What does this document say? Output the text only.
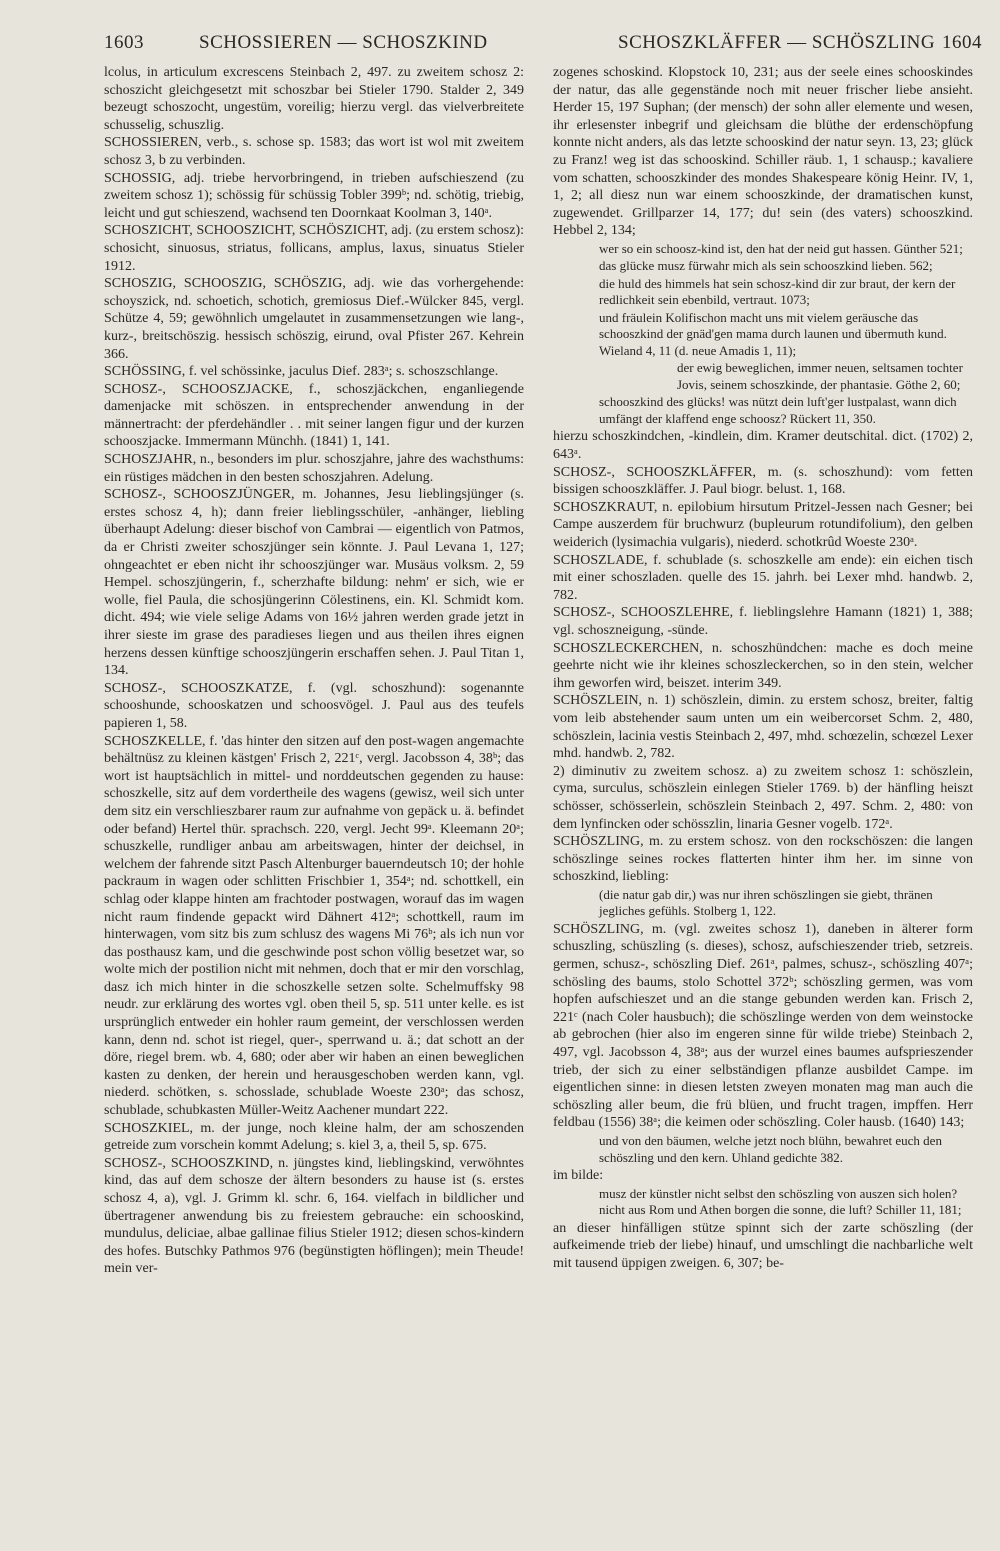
1603	SCHOSSIEREN — SCHOSZKIND	SCHOSZKLÄFFER — SCHÖSZLING 1604

lcolus, in articulum excrescens Steinbach 2, 497. zu zweitem schosz 2: schoszicht gleichgesetzt mit schoszbar bei Stieler 1790. Stalder 2, 349 bezeugt schoszocht, ungestüm, voreilig; hierzu vergl. das vielverbreitete schusselig, schuszlig.

SCHOSSIEREN, verb., s. schose sp. 1583; das wort ist wol mit zweitem schosz 3, b zu verbinden.

SCHOSSIG, adj. triebe hervorbringend, in trieben aufschieszend (zu zweitem schosz 1); schössig für schüssig Tobler 399ᵇ; nd. schötig, triebig, leicht und gut schieszend, wachsend ten Doornkaat Koolman 3, 140ᵃ.

SCHOSZICHT, SCHOOSZICHT, SCHÖSZICHT, adj. (zu erstem schosz): schosicht, sinuosus, striatus, follicans, amplus, laxus, sinuatus Stieler 1912.

SCHOSZIG, SCHOOSZIG, SCHÖSZIG, adj. wie das vorhergehende: schoyszick, nd. schoetich, schotich, gremiosus Dief.-Wülcker 845, vergl. Schütze 4, 59; gewöhnlich umgelautet in zusammensetzungen wie lang-, kurz-, breitschöszig. hessisch schöszig, eirund, oval Pfister 267. Kehrein 366.

SCHÖSSING, f. vel schössinke, jaculus Dief. 283ᵃ; s. schoszschlange.

SCHOSZ-, SCHOOSZJACKE, f., schoszjäckchen, enganliegende damenjacke mit schöszen. in entsprechender anwendung in der männertracht: der pferdehändler . . mit seiner langen figur und der kurzen schooszjacke. Immermann Münchh. (1841) 1, 141.

SCHOSZJAHR, n., besonders im plur. schoszjahre, jahre des wachsthums: ein rüstiges mädchen in den besten schoszjahren. Adelung.

SCHOSZ-, SCHOOSZJÜNGER, m. Johannes, Jesu lieblingsjünger (s. erstes schosz 4, h); dann freier lieblingsschüler, -anhänger, liebling überhaupt Adelung: dieser bischof von Cambrai — eigentlich von Patmos, da er Christi zweiter schoszjünger sein könnte. J. Paul Levana 1, 127; ohngeachtet er eben nicht ihr schooszjünger war. Musäus volksm. 2, 59 Hempel. schoszjüngerin, f., scherzhafte bildung: nehm' er sich, wie er wolle, fiel Paula, die schosjüngerinn Cölestinens, ein. Kl. Schmidt kom. dicht. 494; wie viele selige Adams von 16½ jahren werden grade jetzt in ihrer sieste im grase des paradieses liegen und aus theilen ihres eignen herzens dessen künftige schooszjüngerin erschaffen sehen. J. Paul Titan 1, 134.

SCHOSZ-, SCHOOSZKATZE, f. (vgl. schoszhund): sogenannte schooshunde, schooskatzen und schoosvögel. J. Paul aus des teufels papieren 1, 58.

SCHOSZKELLE, f. 'das hinter den sitzen auf den post-wagen angemachte behältnüsz zu kleinen kästgen' Frisch 2, 221ᶜ, vergl. Jacobsson 4, 38ᵇ; das wort ist hauptsächlich in mittel- und norddeutschen gegenden zu hause: schoszkelle, sitz auf dem vordertheile des wagens (gewisz, weil sich unter dem sitz ein verschlieszbarer raum zur aufnahme von gepäck u. ä. befindet oder befand) Hertel thür. sprachsch. 220, vergl. Jecht 99ᵃ. Kleemann 20ᵃ; schuszkelle, rundliger anbau am arbeitswagen, hinter der deichsel, in welchem der fahrende sitzt Pasch Altenburger bauerndeutsch 10; der hohle packraum in wagen oder schlitten Frischbier 1, 354ᵃ; nd. schottkell, ein schlag oder klappe hinten am frachtoder postwagen, worauf das im wagen nicht raum findende gepackt wird Dähnert 412ᵃ; schottkell, raum im hinterwagen, vom sitz bis zum schlusz des wagens Mi 76ᵇ; als ich nun vor das posthausz kam, und die geschwinde post schon völlig besetzet war, so wolte mich der postilion nicht mit nehmen, doch that er mir den vorschlag, dasz ich mich hinter in die schoszkelle setzen solte. Schelmuffsky 98 neudr. zur erklärung des wortes vgl. oben theil 5, sp. 511 unter kelle. es ist ursprünglich entweder ein hohler raum gemeint, der verschlossen werden kann, denn nd. schot ist riegel, quer-, sperrwand u. ä.; dat schott an der döre, riegel brem. wb. 4, 680; oder aber wir haben an einen beweglichen kasten zu denken, der herein und herausgeschoben werden kann, vgl. niederd. schötken, s. schosslade, schublade Woeste 230ᵃ; das schosz, schublade, schubkasten Müller-Weitz Aachener mundart 222.

SCHOSZKIEL, m. der junge, noch kleine halm, der am schoszenden getreide zum vorschein kommt Adelung; s. kiel 3, a, theil 5, sp. 675.

SCHOSZ-, SCHOOSZKIND, n. jüngstes kind, lieblingskind, verwöhntes kind, das auf dem schosze der ältern besonders zu hause ist (s. erstes schosz 4, a), vgl. J. Grimm kl. schr. 6, 164. vielfach in bildlicher und übertragener anwendung bis zu freiestem gebrauche: ein schooskind, mundulus, deliciae, albae gallinae filius Stieler 1912; diesen schos-kindern des hofes. Butschky Pathmos 976 (begünstigten höflingen); mein Theude! mein ver-

zogenes schoskind. Klopstock 10, 231; aus der seele eines schooskindes der natur, das alle gegenstände noch mit neuer frischer liebe ansieht. Herder 15, 197 Suphan; (der mensch) der sohn aller elemente und wesen, ihr erlesenster inbegrif und gleichsam die blüthe der erdenschöpfung konnte nicht anders, als das letzte schooskind der natur seyn. 13, 23; glück zu Franz! weg ist das schooskind. Schiller räub. 1, 1 schausp.; kavaliere vom schatten, schooszkinder des mondes Shakespeare könig Heinr. IV, 1, 1, 2; all diesz nun war einem schooszkinde, der dramatischen kunst, zugewendet. Grillparzer 14, 177; du! sein (des vaters) schooszkind. Hebbel 2, 134;

wer so ein schoosz-kind ist, den hat der neid gut hassen. Günther 521;

das glücke musz fürwahr mich als sein schooszkind lieben. 562;

die huld des himmels hat sein schosz-kind dir zur braut, der kern der redlichkeit sein ebenbild, vertraut. 1073;

und fräulein Kolifischon macht uns mit vielem geräusche das schooszkind der gnäd'gen mama durch launen und übermuth kund. Wieland 4, 11 (d. neue Amadis 1, 11);

der ewig beweglichen, immer neuen, seltsamen tochter Jovis, seinem schoszkinde, der phantasie. Göthe 2, 60;

schooszkind des glücks! was nützt dein luft'ger lustpalast, wann dich umfängt der klaffend enge schoosz? Rückert 11, 350.

hierzu schoszkindchen, -kindlein, dim. Kramer deutschital. dict. (1702) 2, 643ᵃ.

SCHOSZ-, SCHOOSZKLÄFFER, m. (s. schoszhund): vom fetten bissigen schooszkläffer. J. Paul biogr. belust. 1, 168.

SCHOSZKRAUT, n. epilobium hirsutum Pritzel-Jessen nach Gesner; bei Campe auszerdem für bruchwurz (bupleurum rotundifolium), den gelben weiderich (lysimachia vulgaris), niederd. schotkrûd Woeste 230ᵃ.

SCHOSZLADE, f. schublade (s. schoszkelle am ende): ein eichen tisch mit einer schoszladen. quelle des 15. jahrh. bei Lexer mhd. handwb. 2, 782.

SCHOSZ-, SCHOOSZLEHRE, f. lieblingslehre Hamann (1821) 1, 388; vgl. schoszneigung, -sünde.

SCHOSZLECKERCHEN, n. schoszhündchen: mache es doch meine geehrte nicht wie ihr kleines schoszleckerchen, so in den stein, welcher ihm geworfen wird, beiszet. interim 349.

SCHÖSZLEIN, n. 1) schöszlein, dimin. zu erstem schosz, breiter, faltig vom leib abstehender saum unten um ein weibercorset Schm. 2, 480, schöszlein, lacinia vestis Steinbach 2, 497, mhd. schœzelin, schœzel Lexer mhd. handwb. 2, 782.

2) diminutiv zu zweitem schosz. a) zu zweitem schosz 1: schöszlein, cyma, surculus, schöszlein einlegen Stieler 1769. b) der hänfling heiszt schösser, schösserlein, schöszlein Steinbach 2, 497. Schm. 2, 480: von dem lynfincken oder schösszlin, linaria Gesner vogelb. 172ᵃ.

SCHÖSZLING, m. zu erstem schosz. von den rockschöszen: die langen schöszlinge seines rockes flatterten hinter ihm her. im sinne von schoszkind, liebling:

(die natur gab dir,) was nur ihren schöszlingen sie giebt, thränen jegliches gefühls. Stolberg 1, 122.

SCHÖSZLING, m. (vgl. zweites schosz 1), daneben in älterer form schuszling, schüszling (s. dieses), schosz, aufschieszender trieb, setzreis. germen, schusz-, schöszling Dief. 261ᵃ, palmes, schusz-, schöszling 407ᵃ; schösling des baums, stolo Schottel 372ᵇ; schöszling germen, was vom hopfen aufschieszet und an die stange gebunden werden kan. Frisch 2, 221ᶜ (nach Coler hausbuch); die schöszlinge werden von dem weinstocke ab gebrochen (hier also im engeren sinne für wilde triebe) Steinbach 2, 497, vgl. Jacobsson 4, 38ᵃ; aus der wurzel eines baumes aufsprieszender trieb, der sich zu einer selbständigen pflanze ausbildet Campe. im eigentlichen sinne: in diesen letsten zweyen monaten mag man auch die schöszling aller beum, die frü blüen, und frucht tragen, impffen. Herr feldbau (1556) 38ᵃ; die keimen oder schöszling. Coler hausb. (1640) 143;

und von den bäumen, welche jetzt noch blühn, bewahret euch den schöszling und den kern. Uhland gedichte 382.

im bilde:

musz der künstler nicht selbst den schöszling von auszen sich holen? nicht aus Rom und Athen borgen die sonne, die luft? Schiller 11, 181;

an dieser hinfälligen stütze spinnt sich der zarte schöszling (der aufkeimende trieb der liebe) hinauf, und umschlingt die nachbarliche welt mit tausend üppigen zweigen. 6, 307; be-
